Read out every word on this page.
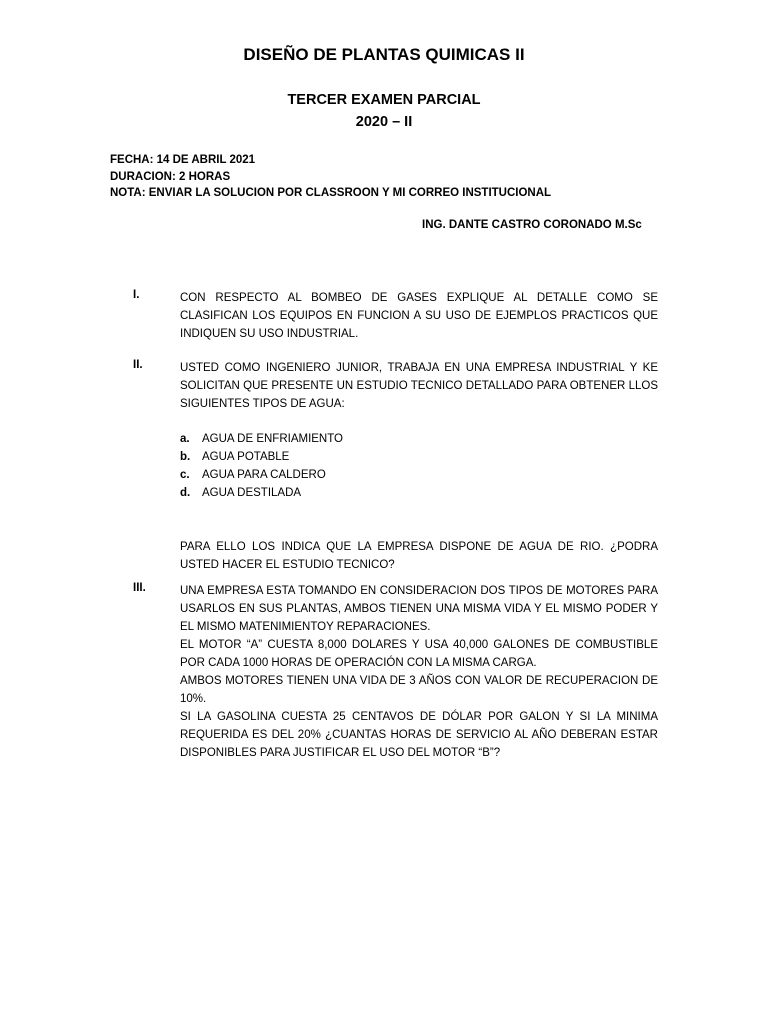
DISEÑO DE PLANTAS QUIMICAS II
TERCER EXAMEN PARCIAL
2020 – II
FECHA: 14 DE ABRIL 2021
DURACION: 2 HORAS
NOTA: ENVIAR LA SOLUCION POR CLASSROON Y MI CORREO INSTITUCIONAL
ING. DANTE CASTRO CORONADO M.Sc
I.	CON RESPECTO AL BOMBEO DE GASES EXPLIQUE AL DETALLE COMO SE CLASIFICAN LOS EQUIPOS EN FUNCION A SU USO DE EJEMPLOS PRACTICOS QUE INDIQUEN SU USO INDUSTRIAL.
II.	USTED COMO INGENIERO JUNIOR, TRABAJA EN UNA EMPRESA INDUSTRIAL Y KE SOLICITAN QUE PRESENTE UN ESTUDIO TECNICO DETALLADO PARA OBTENER LLOS SIGUIENTES TIPOS DE AGUA:
a.	AGUA DE ENFRIAMIENTO
b.	AGUA POTABLE
c.	AGUA PARA CALDERO
d.	AGUA DESTILADA
PARA ELLO LOS INDICA QUE LA EMPRESA DISPONE DE AGUA DE RIO. ¿PODRA USTED HACER EL ESTUDIO TECNICO?
III.	UNA EMPRESA ESTA TOMANDO EN CONSIDERACION DOS TIPOS DE MOTORES PARA USARLOS EN SUS PLANTAS, AMBOS TIENEN UNA MISMA VIDA Y EL MISMO PODER Y EL MISMO MATENIMIENTOY REPARACIONES.

EL MOTOR “A” CUESTA 8,000 DOLARES Y USA 40,000 GALONES DE COMBUSTIBLE POR CADA 1000 HORAS DE OPERACIÓN CON LA MISMA CARGA.

AMBOS MOTORES TIENEN UNA VIDA DE 3 AÑOS CON VALOR DE RECUPERACION DE 10%.

SI LA GASOLINA CUESTA 25 CENTAVOS DE DÓLAR POR GALON Y SI LA MINIMA REQUERIDA ES DEL 20% ¿CUANTAS HORAS DE SERVICIO AL AÑO DEBERAN ESTAR DISPONIBLES PARA JUSTIFICAR EL USO DEL MOTOR “B”?
